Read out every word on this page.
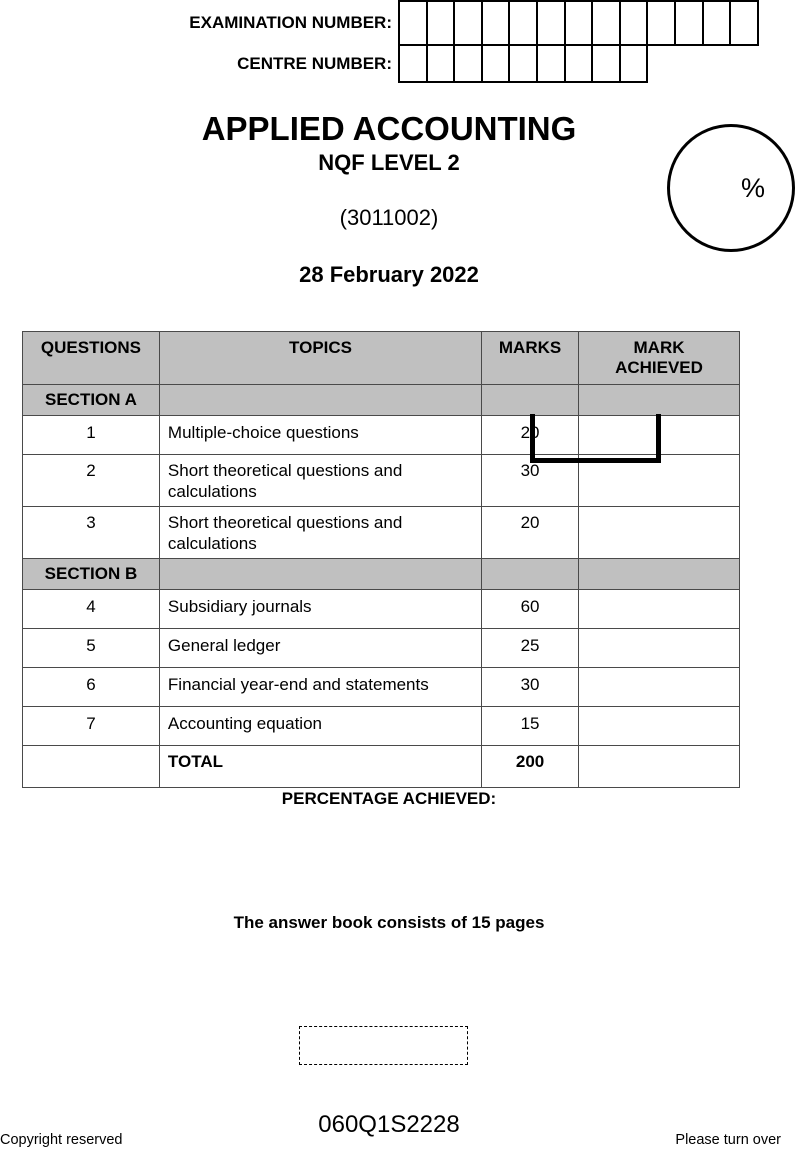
EXAMINATION NUMBER:
CENTRE NUMBER:
APPLIED ACCOUNTING
NQF LEVEL 2
(3011002)
28 February 2022
%
QUESTIONS	TOPICS	MARKS	MARK ACHIEVED
SECTION A			
1	Multiple-choice questions	20	
2	Short theoretical questions and calculations	30	
3	Short theoretical questions and calculations	20	
SECTION B			
4	Subsidiary journals	60	
5	General ledger	25	
6	Financial year-end and statements	30	
7	Accounting equation	15	
	TOTAL	200	
PERCENTAGE ACHIEVED:
The answer book consists of 15 pages
060Q1S2228
Copyright reserved	Please turn over
